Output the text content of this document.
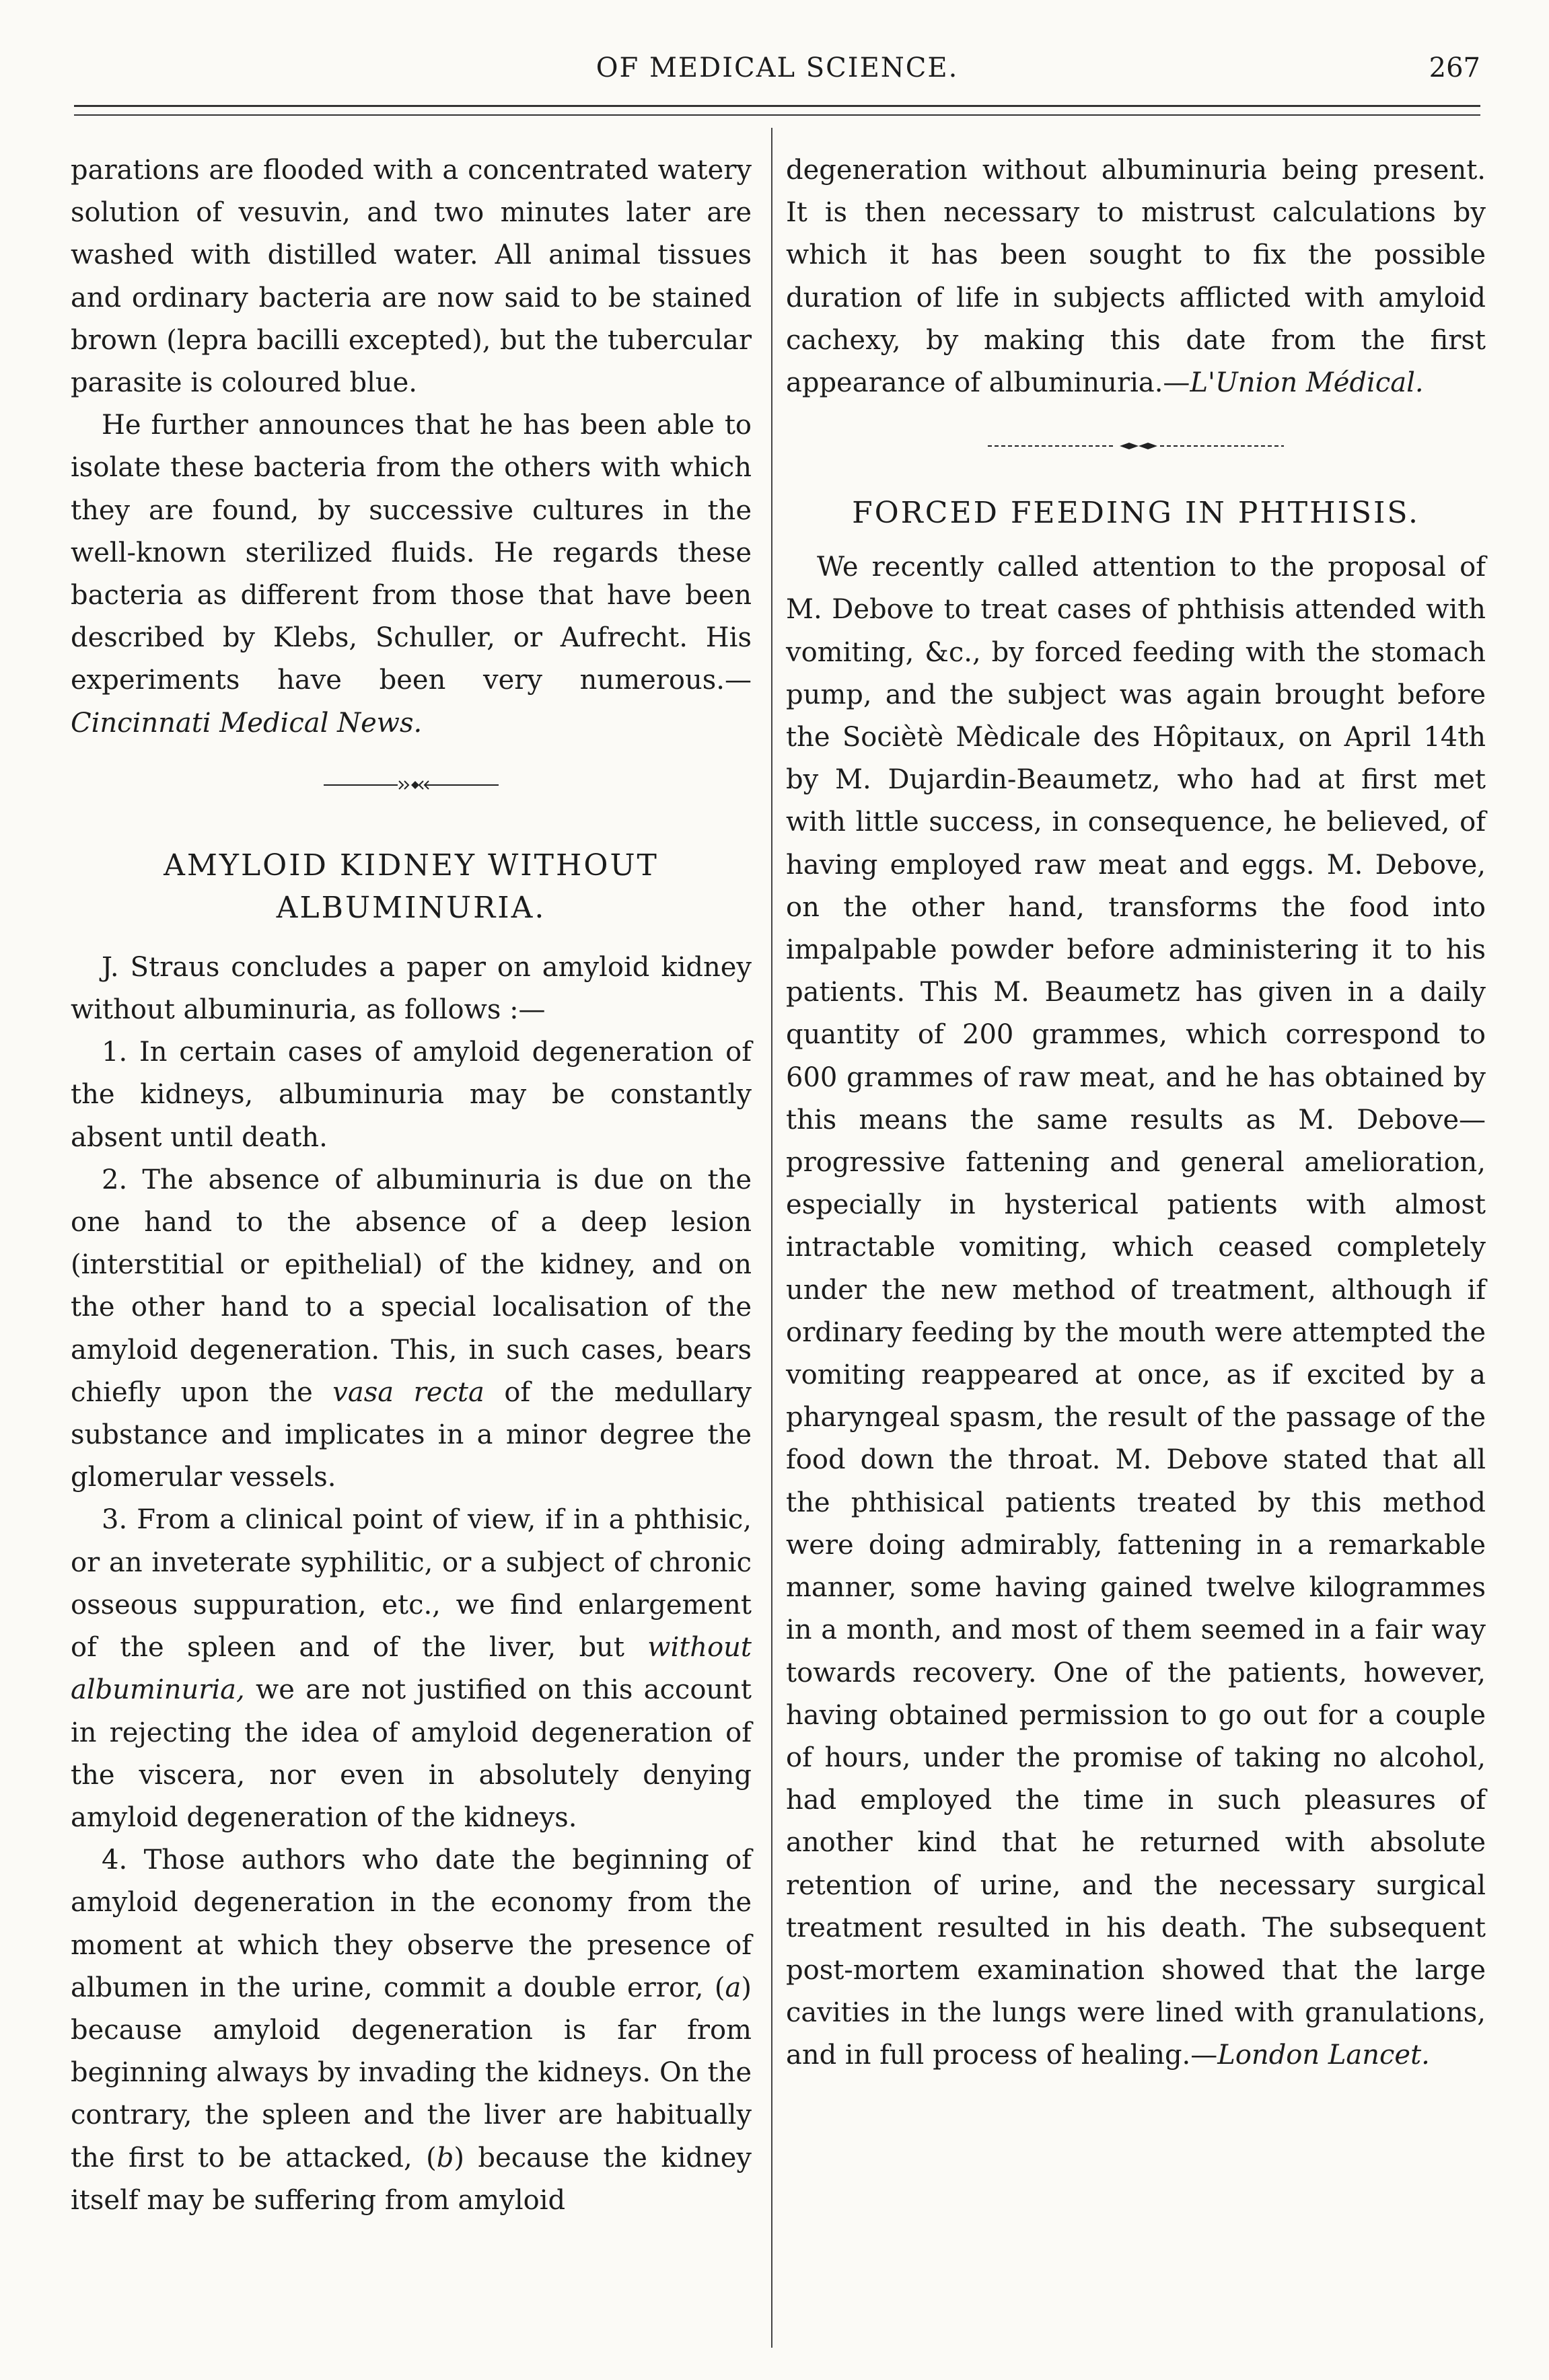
OF MEDICAL SCIENCE.	267

parations are flooded with a concentrated watery solution of vesuvin, and two minutes later are washed with distilled water. All animal tissues and ordinary bacteria are now said to be stained brown (lepra bacilli excepted), but the tubercular parasite is coloured blue.

He further announces that he has been able to isolate these bacteria from the others with which they are found, by successive cultures in the well-known sterilized fluids. He regards these bacteria as different from those that have been described by Klebs, Schuller, or Aufrecht. His experiments have been very numerous.—Cincinnati Medical News.

AMYLOID KIDNEY WITHOUT ALBUMINURIA.

J. Straus concludes a paper on amyloid kidney without albuminuria, as follows :—

1. In certain cases of amyloid degeneration of the kidneys, albuminuria may be constantly absent until death.

2. The absence of albuminuria is due on the one hand to the absence of a deep lesion (interstitial or epithelial) of the kidney, and on the other hand to a special localisation of the amyloid degeneration. This, in such cases, bears chiefly upon the vasa recta of the medullary substance and implicates in a minor degree the glomerular vessels.

3. From a clinical point of view, if in a phthisic, or an inveterate syphilitic, or a subject of chronic osseous suppuration, etc., we find enlargement of the spleen and of the liver, but without albuminuria, we are not justified on this account in rejecting the idea of amyloid degeneration of the viscera, nor even in absolutely denying amyloid degeneration of the kidneys.

4. Those authors who date the beginning of amyloid degeneration in the economy from the moment at which they observe the presence of albumen in the urine, commit a double error, (a) because amyloid degeneration is far from beginning always by invading the kidneys. On the contrary, the spleen and the liver are habitually the first to be attacked, (b) because the kidney itself may be suffering from amyloid

degeneration without albuminuria being present. It is then necessary to mistrust calculations by which it has been sought to fix the possible duration of life in subjects afflicted with amyloid cachexy, by making this date from the first appearance of albuminuria.—L'Union Médical.

FORCED FEEDING IN PHTHISIS.

We recently called attention to the proposal of M. Debove to treat cases of phthisis attended with vomiting, &c., by forced feeding with the stomach pump, and the subject was again brought before the Sociètè Mèdicale des Hôpitaux, on April 14th by M. Dujardin-Beaumetz, who had at first met with little success, in consequence, he believed, of having employed raw meat and eggs. M. Debove, on the other hand, transforms the food into impalpable powder before administering it to his patients. This M. Beaumetz has given in a daily quantity of 200 grammes, which correspond to 600 grammes of raw meat, and he has obtained by this means the same results as M. Debove—progressive fattening and general amelioration, especially in hysterical patients with almost intractable vomiting, which ceased completely under the new method of treatment, although if ordinary feeding by the mouth were attempted the vomiting reappeared at once, as if excited by a pharyngeal spasm, the result of the passage of the food down the throat. M. Debove stated that all the phthisical patients treated by this method were doing admirably, fattening in a remarkable manner, some having gained twelve kilogrammes in a month, and most of them seemed in a fair way towards recovery. One of the patients, however, having obtained permission to go out for a couple of hours, under the promise of taking no alcohol, had employed the time in such pleasures of another kind that he returned with absolute retention of urine, and the necessary surgical treatment resulted in his death. The subsequent post-mortem examination showed that the large cavities in the lungs were lined with granulations, and in full process of healing.—London Lancet.
